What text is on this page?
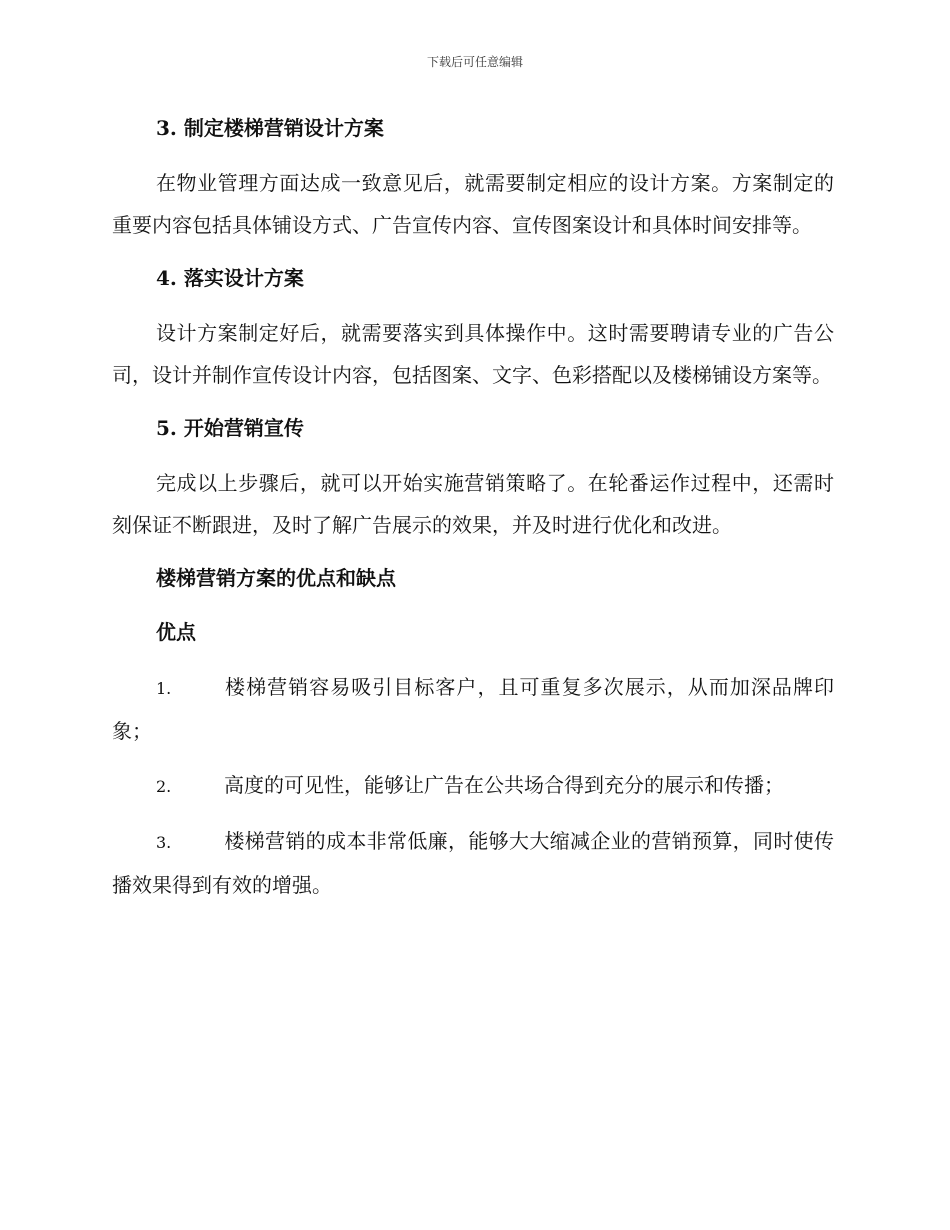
下载后可任意编辑
3. 制定楼梯营销设计方案

在物业管理方面达成一致意见后，就需要制定相应的设计方案。方案制定的重要内容包括具体铺设方式、广告宣传内容、宣传图案设计和具体时间安排等。

4. 落实设计方案

设计方案制定好后，就需要落实到具体操作中。这时需要聘请专业的广告公司，设计并制作宣传设计内容，包括图案、文字、色彩搭配以及楼梯铺设方案等。

5. 开始营销宣传

完成以上步骤后，就可以开始实施营销策略了。在轮番运作过程中，还需时刻保证不断跟进，及时了解广告展示的效果，并及时进行优化和改进。

楼梯营销方案的优点和缺点
优点

1.	楼梯营销容易吸引目标客户，且可重复多次展示，从而加深品牌印象；

2.	高度的可见性，能够让广告在公共场合得到充分的展示和传播；

3.	楼梯营销的成本非常低廉，能够大大缩减企业的营销预算，同时使传播效果得到有效的增强。
